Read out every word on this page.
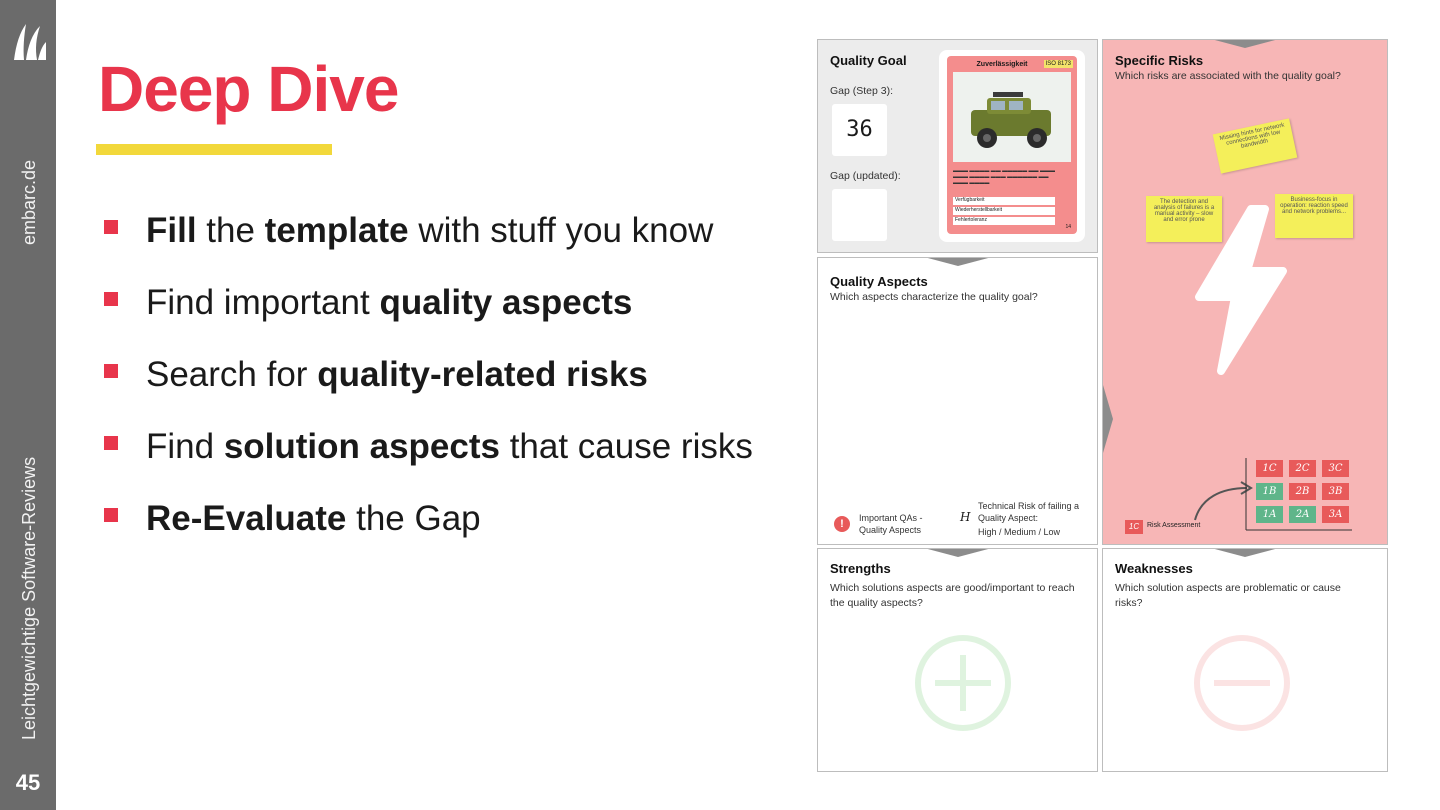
embarc.de
Leichtgewichtige Software-Reviews
45
Deep Dive
Fill the template with stuff you know
Find important quality aspects
Search for quality-related risks
Find solution aspects that cause risks
Re-Evaluate the Gap
Quality Goal
Gap (Step 3):
36
Gap (updated):
Zuverlässigkeit	ISO 8173
▬▬▬ ▬▬▬▬ ▬▬ ▬▬▬▬▬ ▬▬ ▬▬▬ ▬▬▬ ▬▬▬▬ ▬▬▬ ▬▬▬▬▬▬ ▬▬ ▬▬▬ ▬▬▬▬
Verfügbarkeit
Wiederherstellbarkeit
Fehlertoleranz
14
Specific Risks
Which risks are associated with the quality goal?
Missing hints for network connections with low bandwidth
The detection and analysis of failures is a manual activity – slow and error prone
Business-focus in operation: reaction speed and network problems...
1C	Risk Assessment
1C	2C	3C
1B	2B	3B
1A	2A	3A
Quality Aspects
Which aspects characterize the quality goal?
!	Important QAs - Quality Aspects
H
Technical Risk of failing a Quality Aspect:
High / Medium / Low
Strengths
Which solutions aspects are good/important to reach the quality aspects?
Weaknesses
Which solution aspects are problematic or cause risks?
